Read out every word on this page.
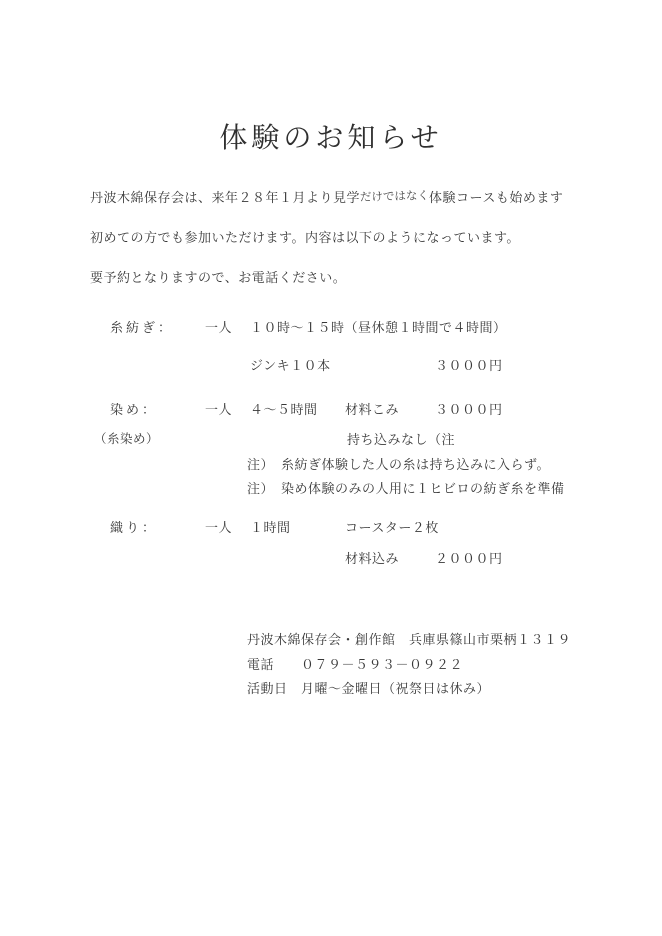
体験のお知らせ
丹波木綿保存会は、来年２８年１月より見学だけではなく体験コースも始めます
初めての方でも参加いただけます。内容は以下のようになっています。
要予約となりますので、お電話ください。
糸紡ぎ： 一人 １０時～１５時（昼休憩１時間で４時間）
ジンキ１０本	３０００円
染め：	一人 ４～５時間 材料こみ	３０００円
（糸染め）	持ち込みなし（注
注）　糸紡ぎ体験した人の糸は持ち込みに入らず。
注）　染め体験のみの人用に１ヒビロの紡ぎ糸を準備
織り：	一人 １時間	コースター２枚
材料込み	２０００円
丹波木綿保存会・創作館　兵庫県篠山市栗柄１３１９
電話　　０７９－５９３－０９２２
活動日　月曜～金曜日（祝祭日は休み）
